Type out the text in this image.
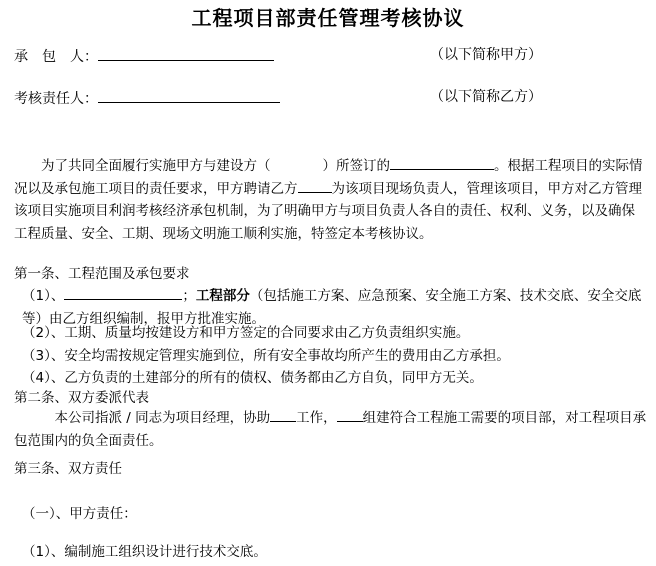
工程项目部责任管理考核协议
承　包　人：	（以下简称甲方）
考核责任人：	（以下简称乙方）
为了共同全面履行实施甲方与建设方（	）所签订的	。根据工程项目的实际情况以及承包施工项目的责任要求，甲方聘请乙方	为该项目现场负责人，管理该项目，甲方对乙方管理该项目实施项目利润考核经济承包机制，为了明确甲方与项目负责人各自的责任、权利、义务，以及确保工程质量、安全、工期、现场文明施工顺利实施，特签定本考核协议。
第一条、工程范围及承包要求
（1）、	；工程部分（包括施工方案、应急预案、安全施工方案、技术交底、安全交底等）由乙方组织编制，报甲方批准实施。
（2）、工期、质量均按建设方和甲方签定的合同要求由乙方负责组织实施。
（3）、安全均需按规定管理实施到位，所有安全事故均所产生的费用由乙方承担。
（4）、乙方负责的土建部分的所有的债权、债务都由乙方自负，同甲方无关。
第二条、双方委派代表
本公司指派 / 同志为项目经理，协助 工作， 组建符合工程施工需要的项目部，对工程项目承包范围内的负全面责任。
第三条、双方责任
（一）、甲方责任：
（1）、编制施工组织设计进行技术交底。
